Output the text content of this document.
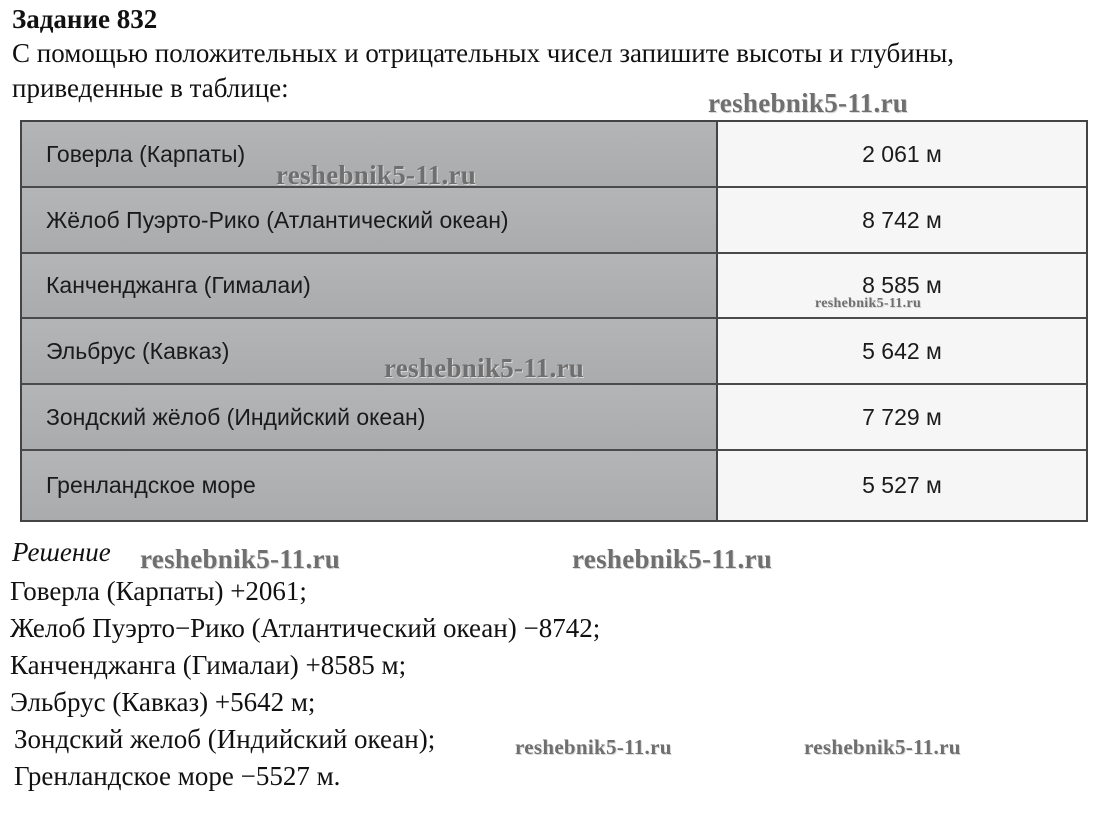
Задание 832
С помощью положительных и отрицательных чисел запишите высоты и глубины, приведенные в таблице:
Говерла (Карпаты)	2 061 м
Жёлоб Пуэрто-Рико (Атлантический океан)	8 742 м
Канченджанга (Гималаи)	8 585 м
Эльбрус (Кавказ)	5 642 м
Зондский жёлоб (Индийский океан)	7 729 м
Гренландское море	5 527 м
Решение
Говерла (Карпаты) +2061;
Желоб Пуэрто−Рико (Атлантический океан) −8742;
Канченджанга (Гималаи) +8585 м;
Эльбрус (Кавказ) +5642 м;
Зондский желоб (Индийский океан);
Гренландское море −5527 м.
reshebnik5-11.ru
reshebnik5-11.ru
reshebnik5-11.ru
reshebnik5-11.ru
reshebnik5-11.ru	reshebnik5-11.ru
reshebnik5-11.ru	reshebnik5-11.ru
